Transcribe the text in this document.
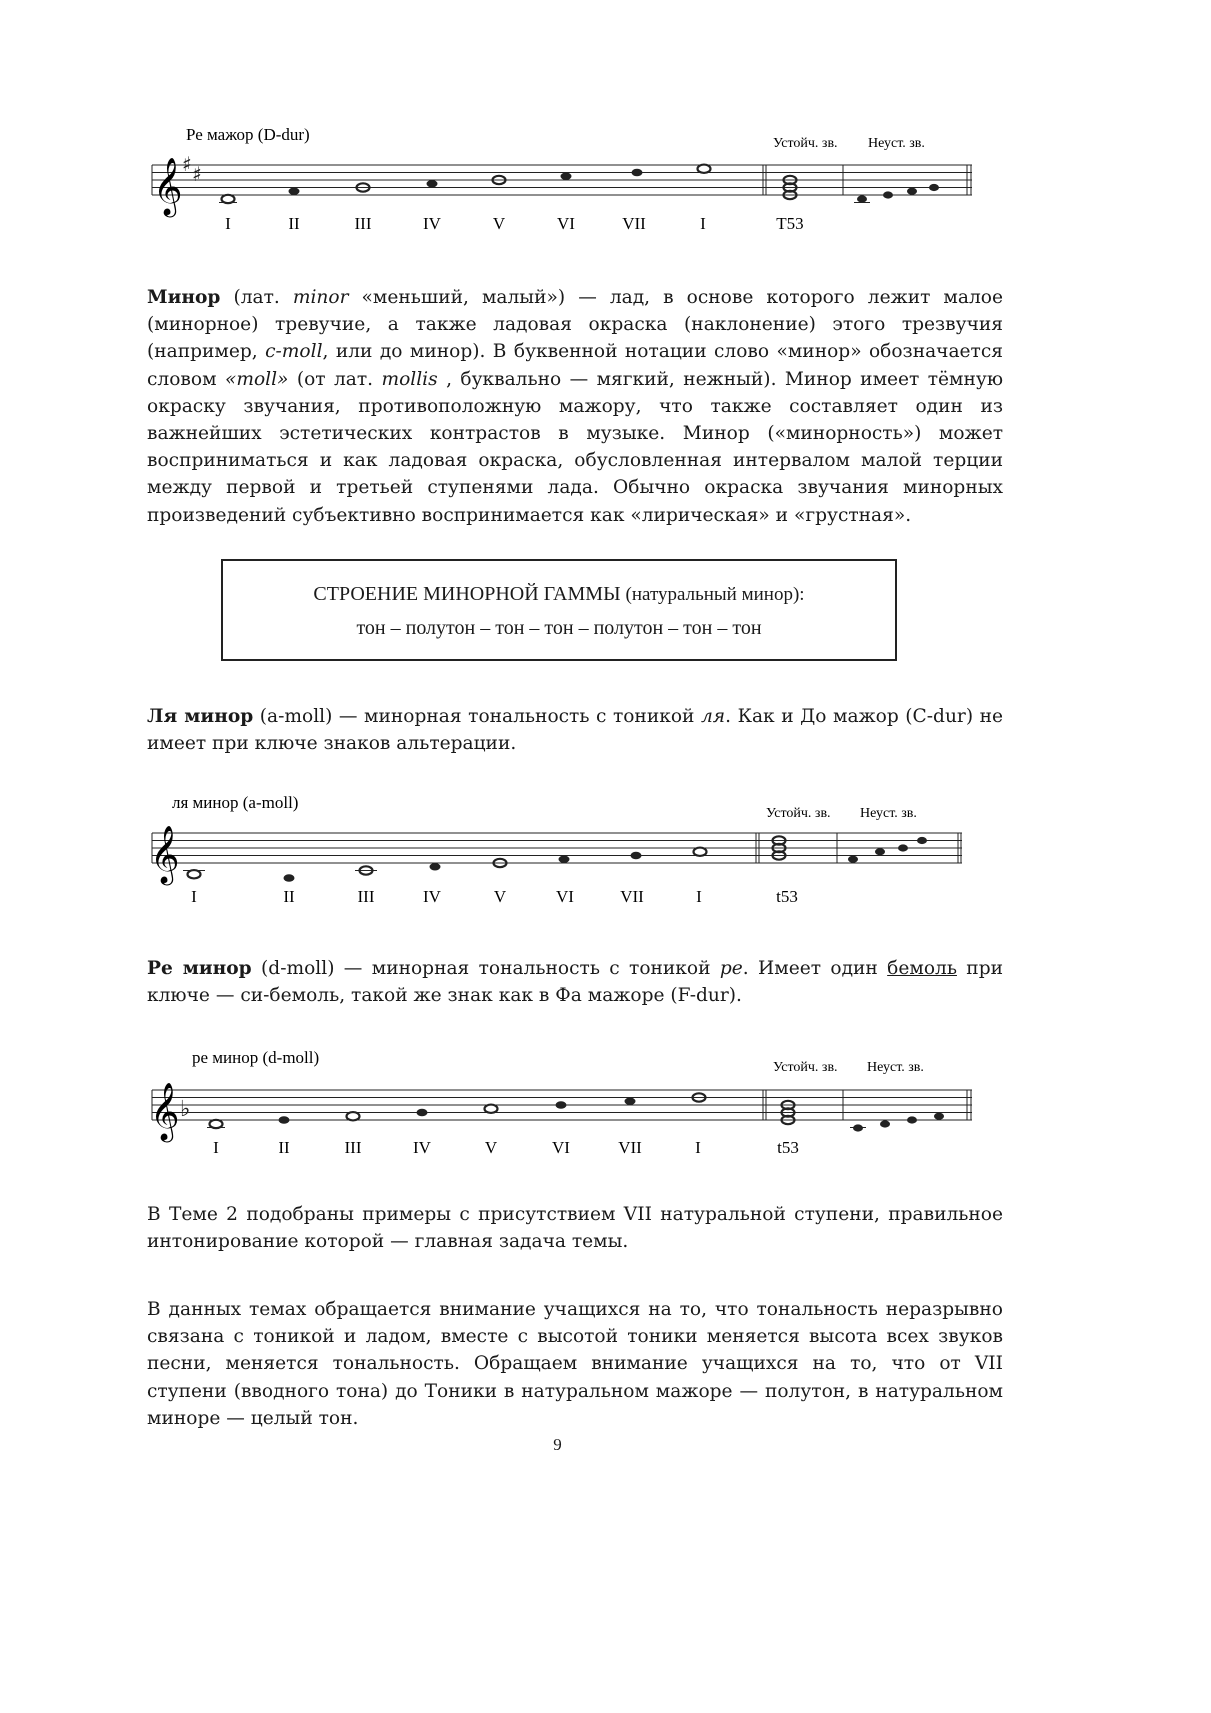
Ре мажор (D-dur)	Устойч. зв. Неуст. зв.
𝄞 ♯ ♯
I	II	III	IV	V	VI	VII	I	T53

Минор (лат. minor «меньший, малый») — лад, в основе которого лежит малое (минорное) тревучие, а также ладовая окраска (наклонение) этого трезвучия (например, c-moll, или до минор). В буквенной нотации слово «минор» обозначается словом «moll» (от лат. mollis , буквально — мягкий, нежный). Минор имеет тёмную окраску звучания, противоположную мажору, что также составляет один из важнейших эстетических контрастов в музыке. Минор («минорность») может восприниматься и как ладовая окраска, обусловленная интервалом малой терции между первой и третьей ступенями лада. Обычно окраска звучания минорных произведений субъективно воспринимается как «лирическая» и «грустная».

СТРОЕНИЕ МИНОРНОЙ ГАММЫ (натуральный минор):
тон – полутон – тон – тон – полутон – тон – тон

Ля минор (a-moll) — минорная тональность с тоникой ля. Как и До мажор (С-dur) не имеет при ключе знаков альтерации.

ля минор (a-moll)
Устойч. зв. Неуст. зв.
𝄞
I	II	III	IV	V	VI	VII	I	t53

Ре минор (d-moll) — минорная тональность с тоникой ре. Имеет один бемоль при ключе — си-бемоль, такой же знак как в Фа мажоре (F-dur).

ре минор (d-moll)
Устойч. зв. Неуст. зв.
𝄞 ♭
I	II	III	IV	V	VI	VII	I	t53

В Теме 2 подобраны примеры с присутствием VII натуральной ступени, правильное интонирование которой — главная задача темы.

В данных темах обращается внимание учащихся на то, что тональность неразрывно связана с тоникой и ладом, вместе с высотой тоники меняется высота всех звуков песни, меняется тональность. Обращаем внимание учащихся на то, что от VII ступени (вводного тона) до Тоники в натуральном мажоре — полутон, в натуральном миноре — целый тон.

9
